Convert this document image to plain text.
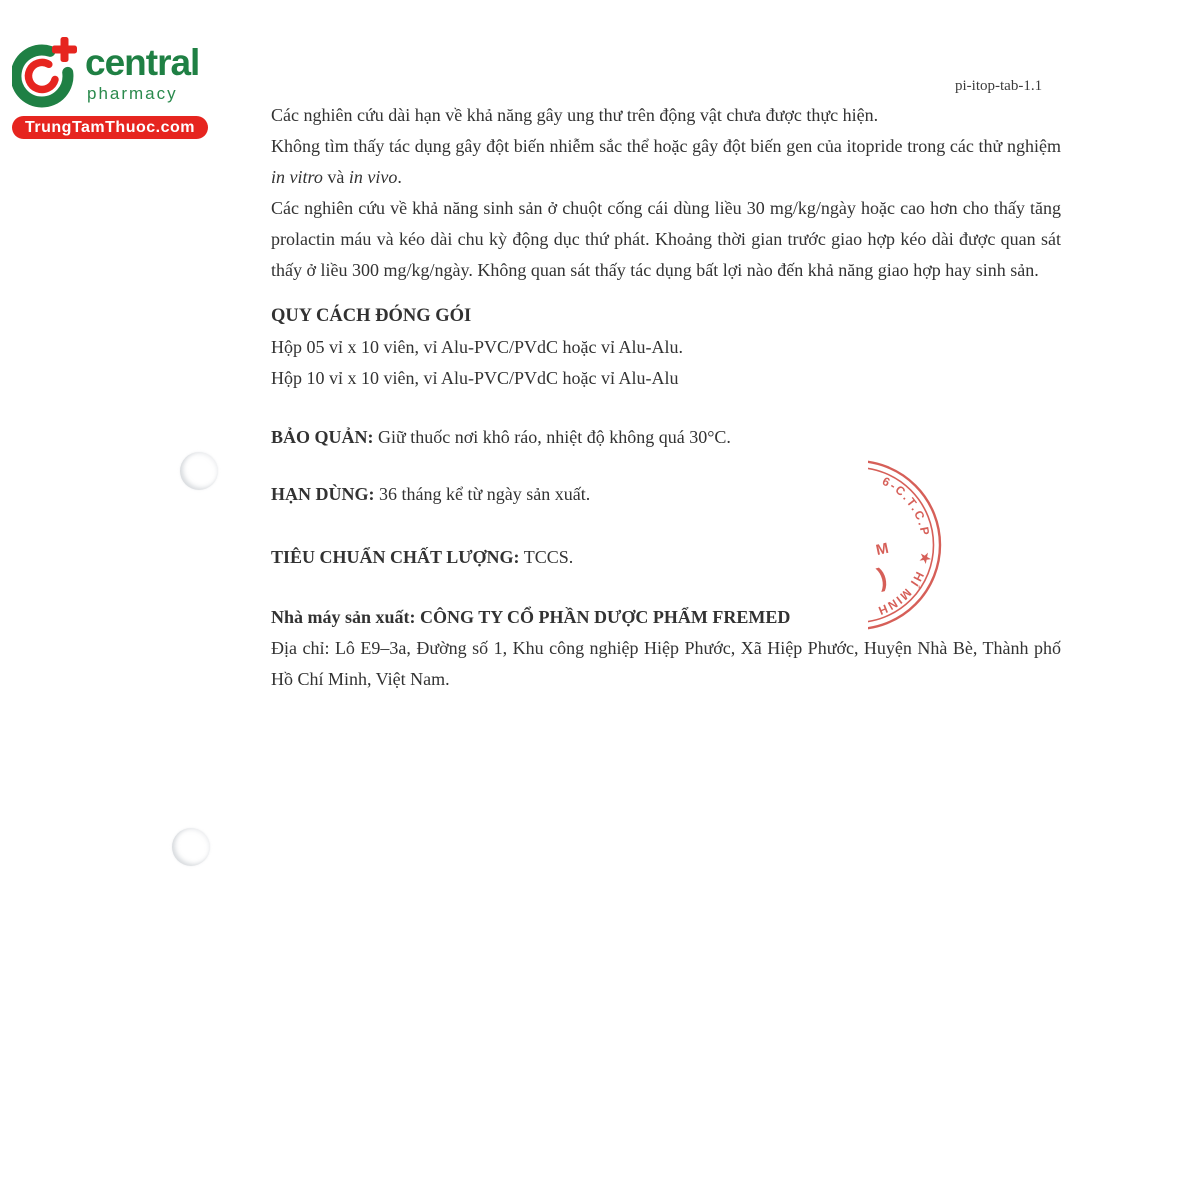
central
pharmacy
TrungTamThuoc.com
pi-itop-tab-1.1
6-C.T.C.P
★
HÍ MINH
M
)

Các nghiên cứu dài hạn về khả năng gây ung thư trên động vật chưa được thực hiện.

Không tìm thấy tác dụng gây đột biến nhiễm sắc thể hoặc gây đột biến gen của itopride trong các thử nghiệm in vitro và in vivo.

Các nghiên cứu về khả năng sinh sản ở chuột cống cái dùng liều 30 mg/kg/ngày hoặc cao hơn cho thấy tăng prolactin máu và kéo dài chu kỳ động dục thứ phát. Khoảng thời gian trước giao hợp kéo dài được quan sát thấy ở liều 300 mg/kg/ngày. Không quan sát thấy tác dụng bất lợi nào đến khả năng giao hợp hay sinh sản.

QUY CÁCH ĐÓNG GÓI

Hộp 05 vỉ x 10 viên, vỉ Alu-PVC/PVdC hoặc vỉ Alu-Alu.

Hộp 10 vỉ x 10 viên, vỉ Alu-PVC/PVdC hoặc vỉ Alu-Alu

BẢO QUẢN: Giữ thuốc nơi khô ráo, nhiệt độ không quá 30°C.

HẠN DÙNG: 36 tháng kể từ ngày sản xuất.

TIÊU CHUẨN CHẤT LƯỢNG: TCCS.

Nhà máy sản xuất: CÔNG TY CỔ PHẦN DƯỢC PHẨM FREMED

Địa chỉ: Lô E9–3a, Đường số 1, Khu công nghiệp Hiệp Phước, Xã Hiệp Phước, Huyện Nhà Bè, Thành phố Hồ Chí Minh, Việt Nam.
